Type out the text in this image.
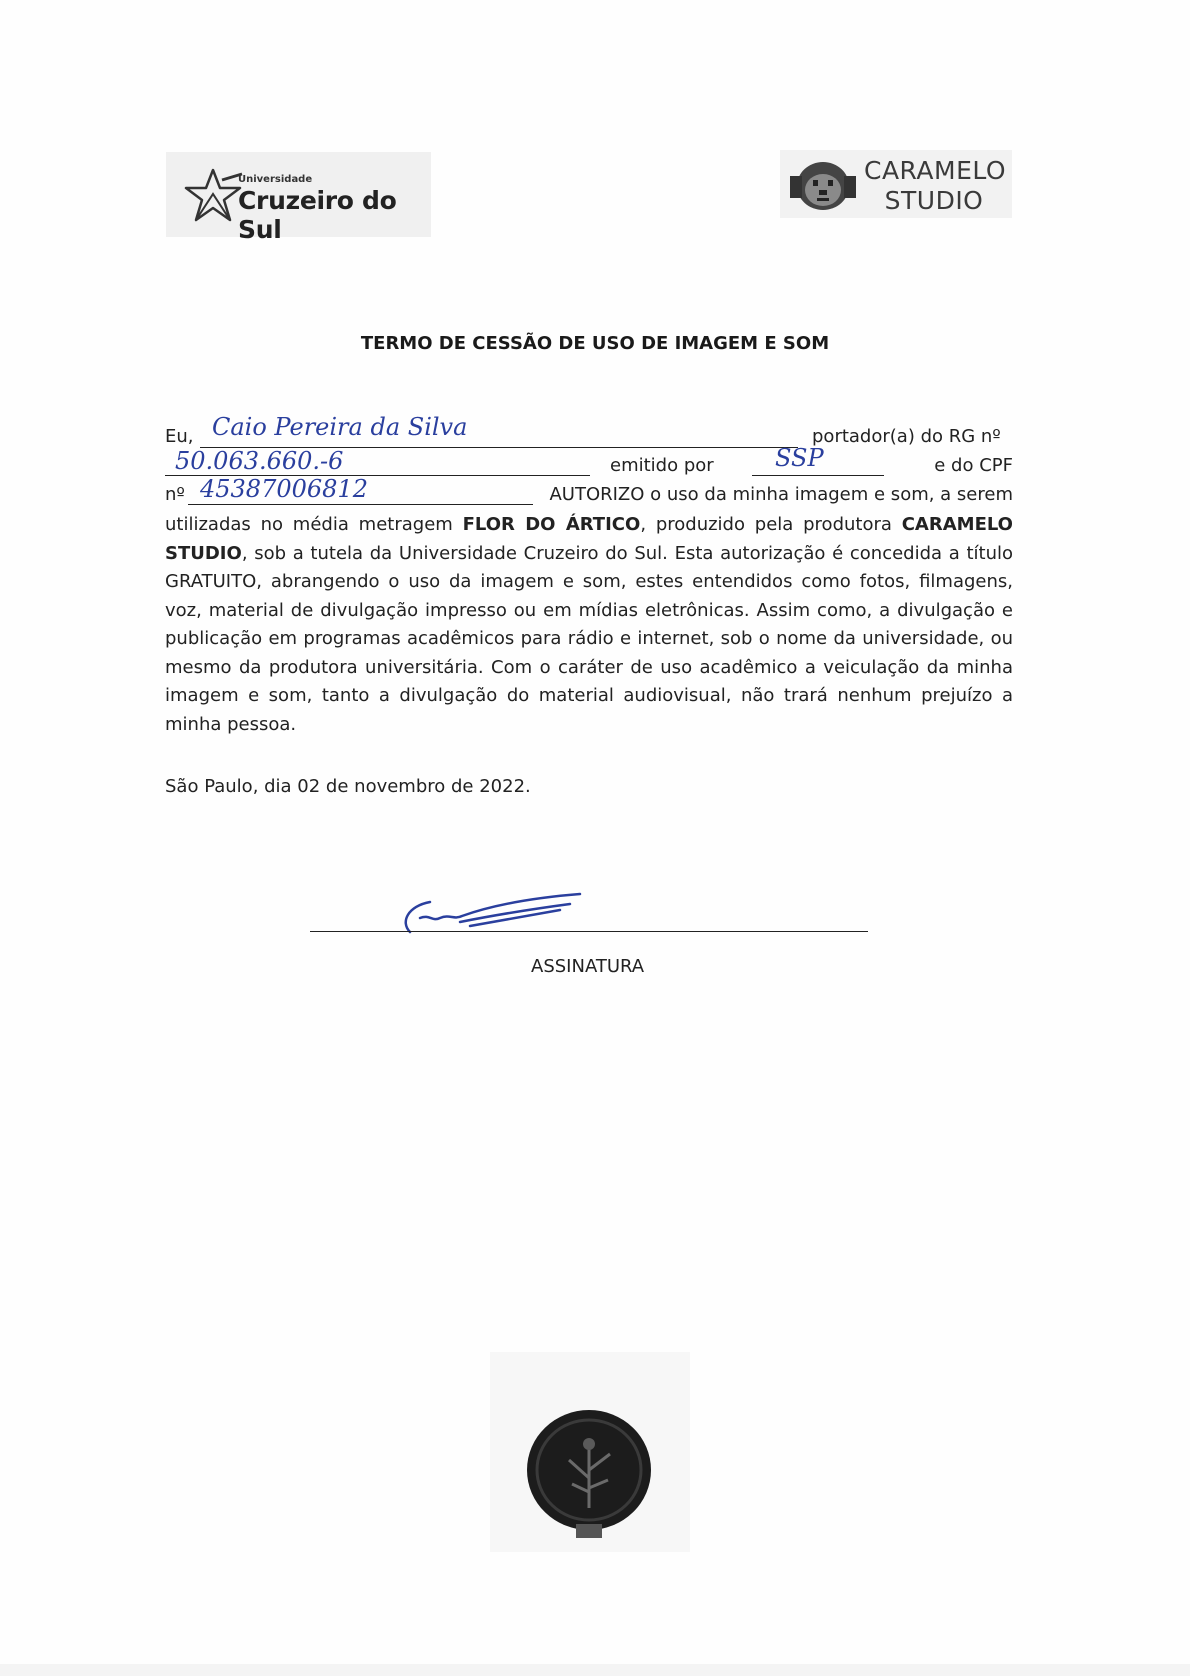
Universidade
Cruzeiro do Sul
CARAMELO
STUDIO
TERMO DE CESSÃO DE USO DE IMAGEM E SOM
Eu, Caio Pereira da Silva	portador(a) do RG nº
50.063.660.-6	emitido por	SSP	e do CPF
nº 45387006812	AUTORIZO o uso da minha imagem e som, a serem
utilizadas no média metragem FLOR DO ÁRTICO, produzido pela produtora CARAMELO STUDIO, sob a tutela da Universidade Cruzeiro do Sul. Esta autorização é concedida a título GRATUITO, abrangendo o uso da imagem e som, estes entendidos como fotos, filmagens, voz, material de divulgação impresso ou em mídias eletrônicas. Assim como, a divulgação e publicação em programas acadêmicos para rádio e internet, sob o nome da universidade, ou mesmo da produtora universitária. Com o caráter de uso acadêmico a veiculação da minha imagem e som, tanto a divulgação do material audiovisual, não trará nenhum prejuízo a minha pessoa.
São Paulo, dia 02 de novembro de 2022.
ASSINATURA
